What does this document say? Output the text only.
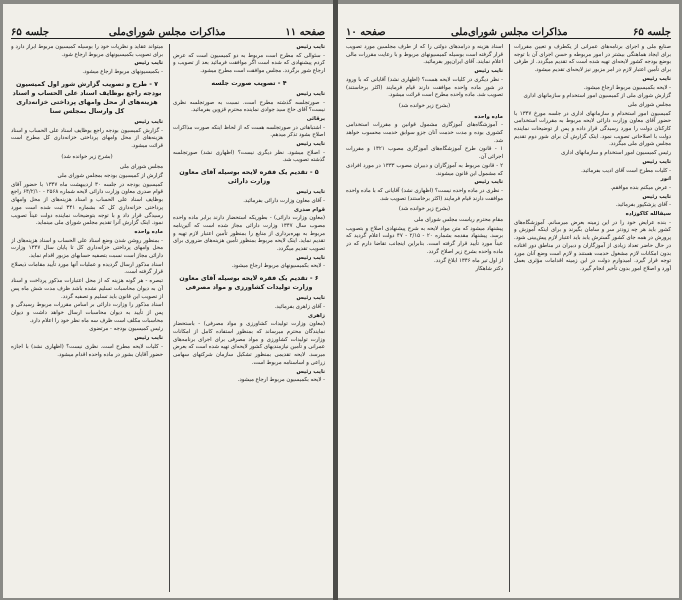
صفحه ۱۱
مذاکرات مجلس شورای‌ملی
جلسه ۶۵

نایب رئیس

- سئوالی که مطرح است مربوط به دو کمیسیون است که عرض کردم پیشنهادی که شده است اگر موافقت فرمائید بعد از تصویب و ارجاع شور برگردد. مجلس موافقت است مطرح میشود.

۴ - تصویب صورت جلسه

نایب رئیس

- صورتجلسه گذشته مطرح است. نسبت به صورتجلسه نظری نیست؟ آقای حاج سید جوادی نماینده محترم قزوین بفرمائید.

برقائی

- اشتباهاتی در صورتجلسه هست که از لحاظ اینکه صورت مذاکرات اصلاح بشود تذکر میدهم.

نایب رئیس

- اصلاح میشود. نظر دیگری نیست؟ (اظهاری نشد) صورتجلسه گذشته تصویب شد.

۵ - تقدیم یک فقره لایحه بوسیله آقای معاون وزارت دارائی

نایب رئیس

- آقای معاون وزارت دارائی بفرمائید.

قوام صدری

(معاون وزارت دارائی) - بطوریکه استحضار دارند برابر ماده واحده مصوب سال ۱۳۴۷ وزارت دارائی مجاز شده است که آئین‌نامه مربوط به بهره‌برداری از منابع را بمنظور تأمین اعتبار لازم تهیه و تقدیم نماید. اینک لایحه مربوط بمنظور تأمین هزینه‌های ضروری برای تصویب تقدیم میگردد.

نایب رئیس

- لایحه بکمیسیونهای مربوط ارجاع میشود.

۶ - تقدیم یک فقره لایحه بوسیله آقای معاون وزارت تولیدات کشاورزی و مواد مصرفی

نایب رئیس

- آقای زاهری بفرمائید.

زاهری

(معاون وزارت تولیدات کشاورزی و مواد مصرفی) - باستحضار نمایندگان محترم میرساند که بمنظور استفاده کامل از امکانات وزارت تولیدات کشاورزی و مواد مصرفی برای اجرای برنامه‌های عمرانی و تأمین نیازمندیهای کشور لایحه‌ای تهیه شده است که بعرض میرسد. لایحه تقدیمی بمنظور تشکیل سازمان شرکتهای سهامی زراعی و اساسنامه مربوط است.

نایب رئیس

- لایحه بکمیسیون مربوط ارجاع میشود.

میتواند عقاید و نظریات خود را بوسیله کمیسیون مربوط ابراز دارد و برای تصویب بکمیسیونهای مربوط ارجاع شود.

نایب رئیس

- بکمیسیونهای مربوط ارجاع میشود.

۷ - طرح و تصویب گزارش شور اول کمیسیون بودجه راجع بوظایف اسناد علی الحساب و اسناد هزینه‌های از محل وامهای پرداختی خزانه‌داری کل وارسال بمجلس سنا

نایب رئیس

- گزارش کمیسیون بودجه راجع بوظایف اسناد علی الحساب و اسناد هزینه‌های از محل وامهای پرداختی خزانه‌داری کل مطرح است قرائت میشود.

(بشرح زیر خوانده شد)

مجلس شورای ملی

گزارش از کمیسیون بودجه بمجلس شورای ملی

کمیسیون بودجه در جلسه ۳۰ اردیبهشت ماه ۱۳۴۷ با حضور آقای قوام صدری معاون وزارت دارائی لایحه شماره ۲۵۶۸ - ۶۴/۲/۱۰ راجع بوظایف اسناد علی الحساب و اسناد هزینه‌های از محل وامهای پرداختی خزانه‌داری کل که بشماره ۳۴۱ ثبت شده است مورد رسیدگی قرار داد و با توجه بتوضیحات نماینده دولت عیناً تصویب نمود. اینک گزارش آنرا تقدیم مجلس شورای ملی مینماید.

ماده واحده

- بمنظور روشن شدن وضع اسناد علی الحساب و اسناد هزینه‌های از محل وامهای پرداختی خزانه‌داری کل تا پایان سال ۱۳۴۷ وزارت دارائی مجاز است نسبت بتصفیه حسابهای مزبور اقدام نماید.

اسناد مذکور ارسال گردیده و عملیات آنها مورد تأیید مقامات ذیصلاح قرار گرفته است.

تبصره - هر گونه هزینه که از محل اعتبارات مذکور پرداخت و اسناد آن به دیوان محاسبات تسلیم نشده باشد ظرف مدت شش ماه پس از تصویب این قانون باید تسلیم و تصفیه گردد.

اسناد مذکور را وزارت دارائی بر اساس مقررات مربوط رسیدگی و پس از تأیید به دیوان محاسبات ارسال خواهد داشت و دیوان محاسبات مکلف است ظرف سه ماه نظر خود را اعلام دارد.

رئیس کمیسیون بودجه - مرتضوی

نایب رئیس

- کلیات لایحه مطرح است. نظری نیست؟ (اظهاری نشد) با اجازه حضور آقایان بشور در ماده واحده اقدام میشود.

جلسه ۶۵
مذاکرات مجلس شورای‌ملی
صفحه ۱۰

صنایع ملی و اجرای برنامه‌های عمرانی از یکطرف و تعیین مقررات برای ایجاد هماهنگی بیشتر در امور مربوطه و حسن اجرای آن با توجه بوضع بودجه کشور لایحه‌ای تهیه شده است که تقدیم میگردد. از طرفی برای تأمین اعتبار لازم در امر مزبور نیز لایحه‌ای تقدیم میشود.

نایب رئیس

- لایحه بکمیسیون مربوط ارجاع میشود.

گزارش شورای ملی از کمیسیون امور استخدام و سازمانهای اداری

مجلس شورای ملی

کمیسیون امور استخدام و سازمانهای اداری در جلسه مورخ ۱۳۴۷ با حضور آقای معاون وزارت دارائی لایحه مربوط به مقررات استخدامی کارکنان دولت را مورد رسیدگی قرار داده و پس از توضیحات نماینده دولت با اصلاحاتی تصویب نمود. اینک گزارش آن برای شور دوم تقدیم مجلس شورای ملی میگردد.

رئیس کمیسیون امور استخدام و سازمانهای اداری

نایب رئیس

- کلیات مطرح است آقای ادیب بفرمائید.

انور

- عرض میکنم بنده موافقم.

نایب رئیس

- آقای پزشکپور بفرمائید.

سیفالله کاکوزاده

- بنده عرایض خود را در این زمینه بعرض میرسانم. آموزشگاه‌های کشور باید هر چه زودتر سر و سامان بگیرند و برای اینکه آموزش و پرورش در همه جای کشور گسترش یابد باید اعتبار لازم پیش‌بینی شود. در حال حاضر تعداد زیادی از آموزگاران و دبیران در مناطق دور افتاده بدون امکانات لازم مشغول خدمت هستند و لازم است وضع آنان مورد توجه قرار گیرد. امیدوارم دولت در این زمینه اقدامات مؤثری بعمل آورد و اصلاح امور بدون تأخیر انجام گیرد.

اسناد هزینه و درآمدهای دولتی را که از طرف مجلسین مورد تصویب قرار گرفته است بوسیله کمیسیونهای مربوط و با رعایت مقررات مالی اعلام نمایند. آقای ایران‌پور بفرمائید.

نایب رئیس

- نظر دیگری در کلیات لایحه هست؟ (اظهاری نشد) آقایانی که با ورود در شور ماده واحده موافقت دارند قیام فرمایند (اکثر برخاستند) تصویب شد. ماده واحده مطرح است قرائت میشود.

(بشرح زیر خوانده شد)

ماده واحده

- آموزشگاه‌های آموزگاری مشمول قوانین و مقررات استخدامی کشوری بوده و مدت خدمت آنان جزو سوابق خدمت محسوب خواهد شد.

۱ - قانون طرح آموزشگاه‌های آموزگاری مصوب ۱۳۲۱ و مقررات اجرائی آن.

۲ - قانون مربوط به آموزگاران و دبیران مصوب ۱۳۳۳ در مورد افرادی که مشمول این قانون میشوند.

نایب رئیس

- نظری در ماده واحده نیست؟ (اظهاری نشد) آقایانی که با ماده واحده موافقت دارند قیام فرمایند (اکثر برخاستند) تصویب شد.

(بشرح زیر خوانده شد)

مقام محترم ریاست مجلس شورای ملی

پیشنهاد میشود که متن مواد لایحه به شرح پیشنهادی اصلاح و بتصویب برسد. پیشنهاد مقدمه بشماره ۲۰ - ۲/۱۵ - ۴۷ دولت اعلام گردید که عیناً مورد تأیید قرار گرفته است. بنابراین اینجانب تقاضا دارم که در ماده واحده بشرح زیر اصلاح گردد.

از اول تیر ماه ۱۳۴۶ ابلاغ گردد.

دکتر شاهکار
